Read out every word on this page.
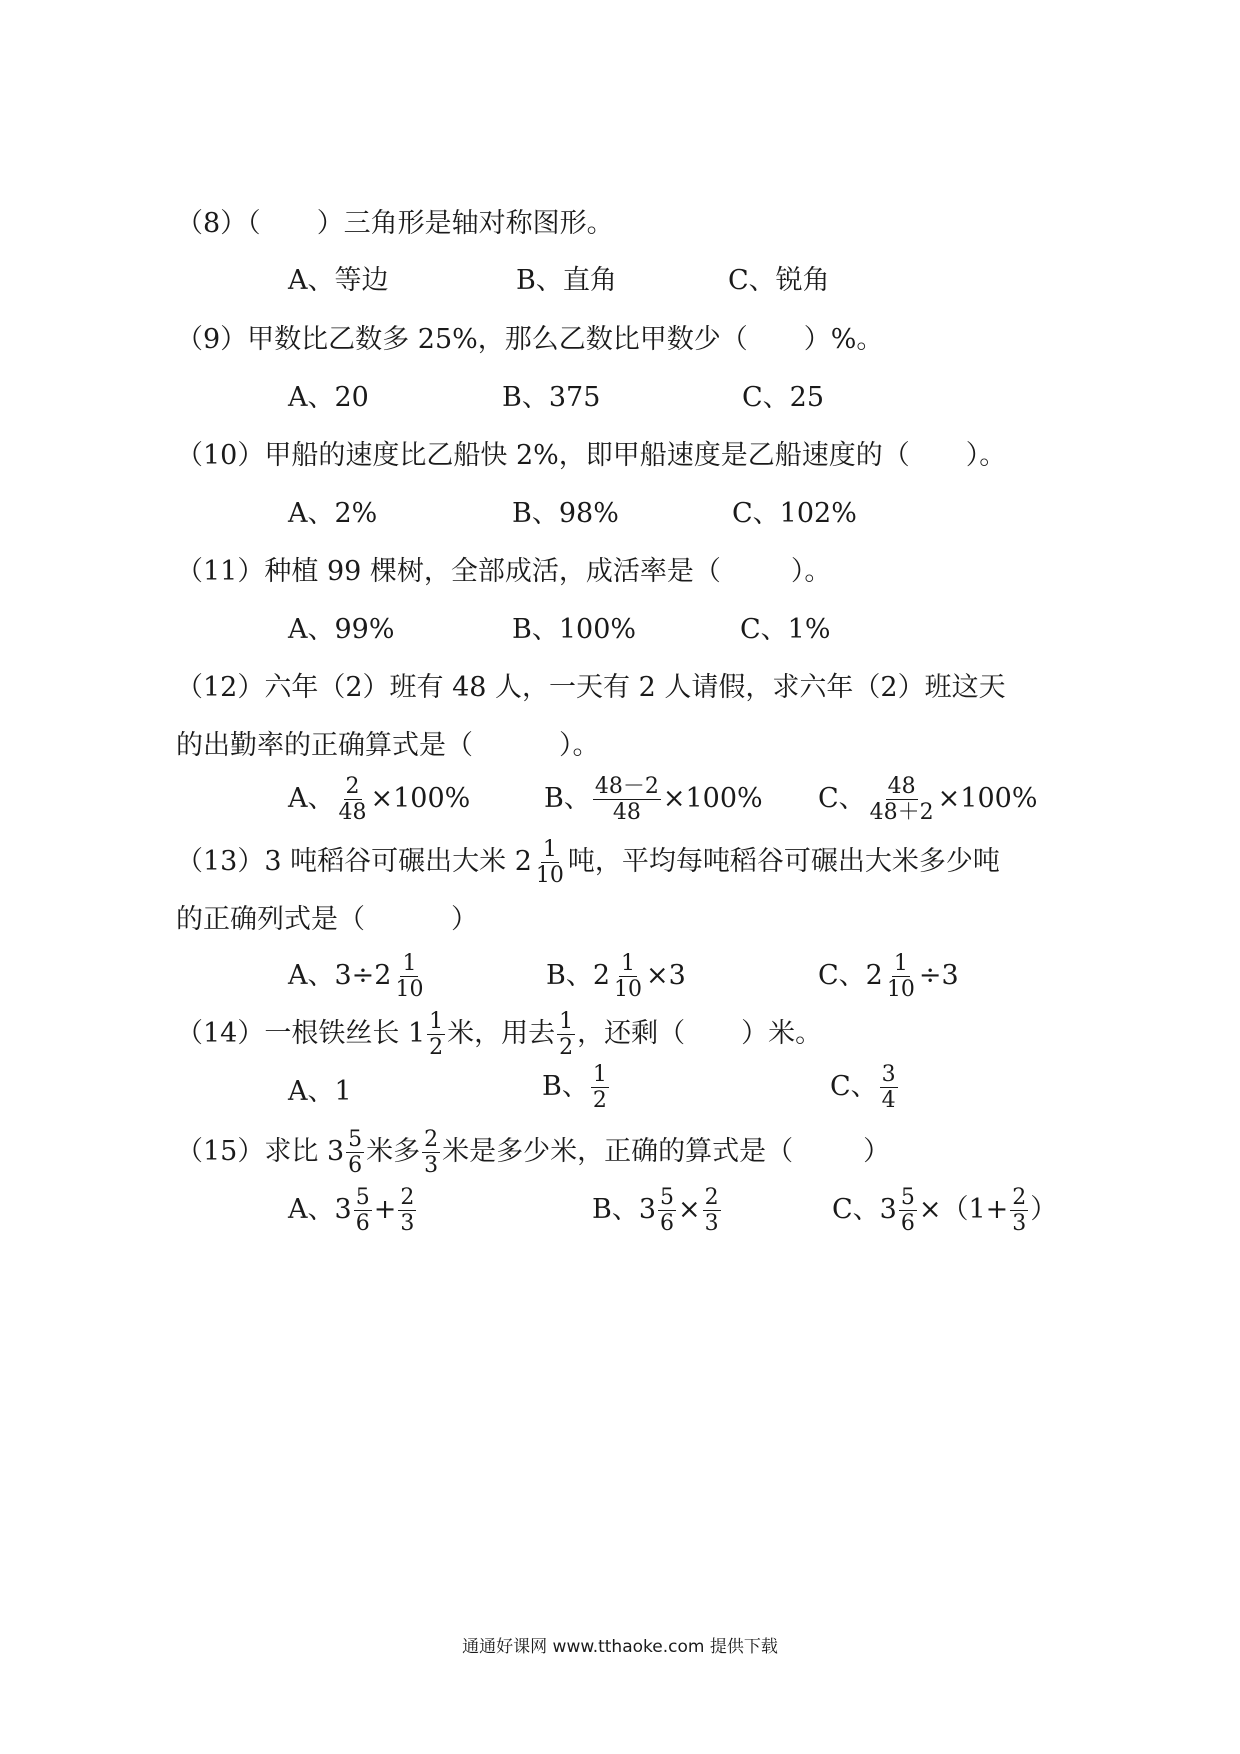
（8）（ ）三角形是轴对称图形。
A、等边	B、直角	C、锐角
（9）甲数比乙数多 25%，那么乙数比甲数少（ ）%。
A、20	B、375	C、25
（10）甲船的速度比乙船快 2%，即甲船速度是乙船速度的（ ）。
A、2%	B、98%	C、102%
（11）种植 99 棵树，全部成活，成活率是（	）。
A、99%	B、100%	C、1%
（12）六年（2）班有 48 人，一天有 2 人请假，求六年（2）班这天
的出勤率的正确算式是（	）。
A、 $\frac{2}{48} \times 100\%$	B、 $\frac{48-2}{48} \times 100\%$ C、 $\frac{48}{48+2} \times 100\%$
（13）3 吨稻谷可碾出大米 $2 \frac{1}{10}$ 吨，平均每吨稻谷可碾出大米多少吨
的正确列式是（	）
A、$3\div 2 \frac{1}{10}$	B、$2 \frac{1}{10} \times 3$	C、$2 \frac{1}{10} \div 3$
（14）一根铁丝长 $1 \frac{1}{2}$ 米，用去 $\frac{1}{2}$ ，还剩（ ）米。
A、1	B、 $\frac{1}{2}$	C、 $\frac{3}{4}$
（15）求比 $3 \frac{5}{6}$ 米多 $\frac{2}{3}$ 米是多少米，正确的算式是（	）
A、$3 \frac{5}{6} + \frac{2}{3}$	B、$3 \frac{5}{6} \times \frac{2}{3}$	C、$3 \frac{5}{6} \times(1+ \frac{2}{3}$ ）
通通好课网 www.tthaoke.com 提供下载
